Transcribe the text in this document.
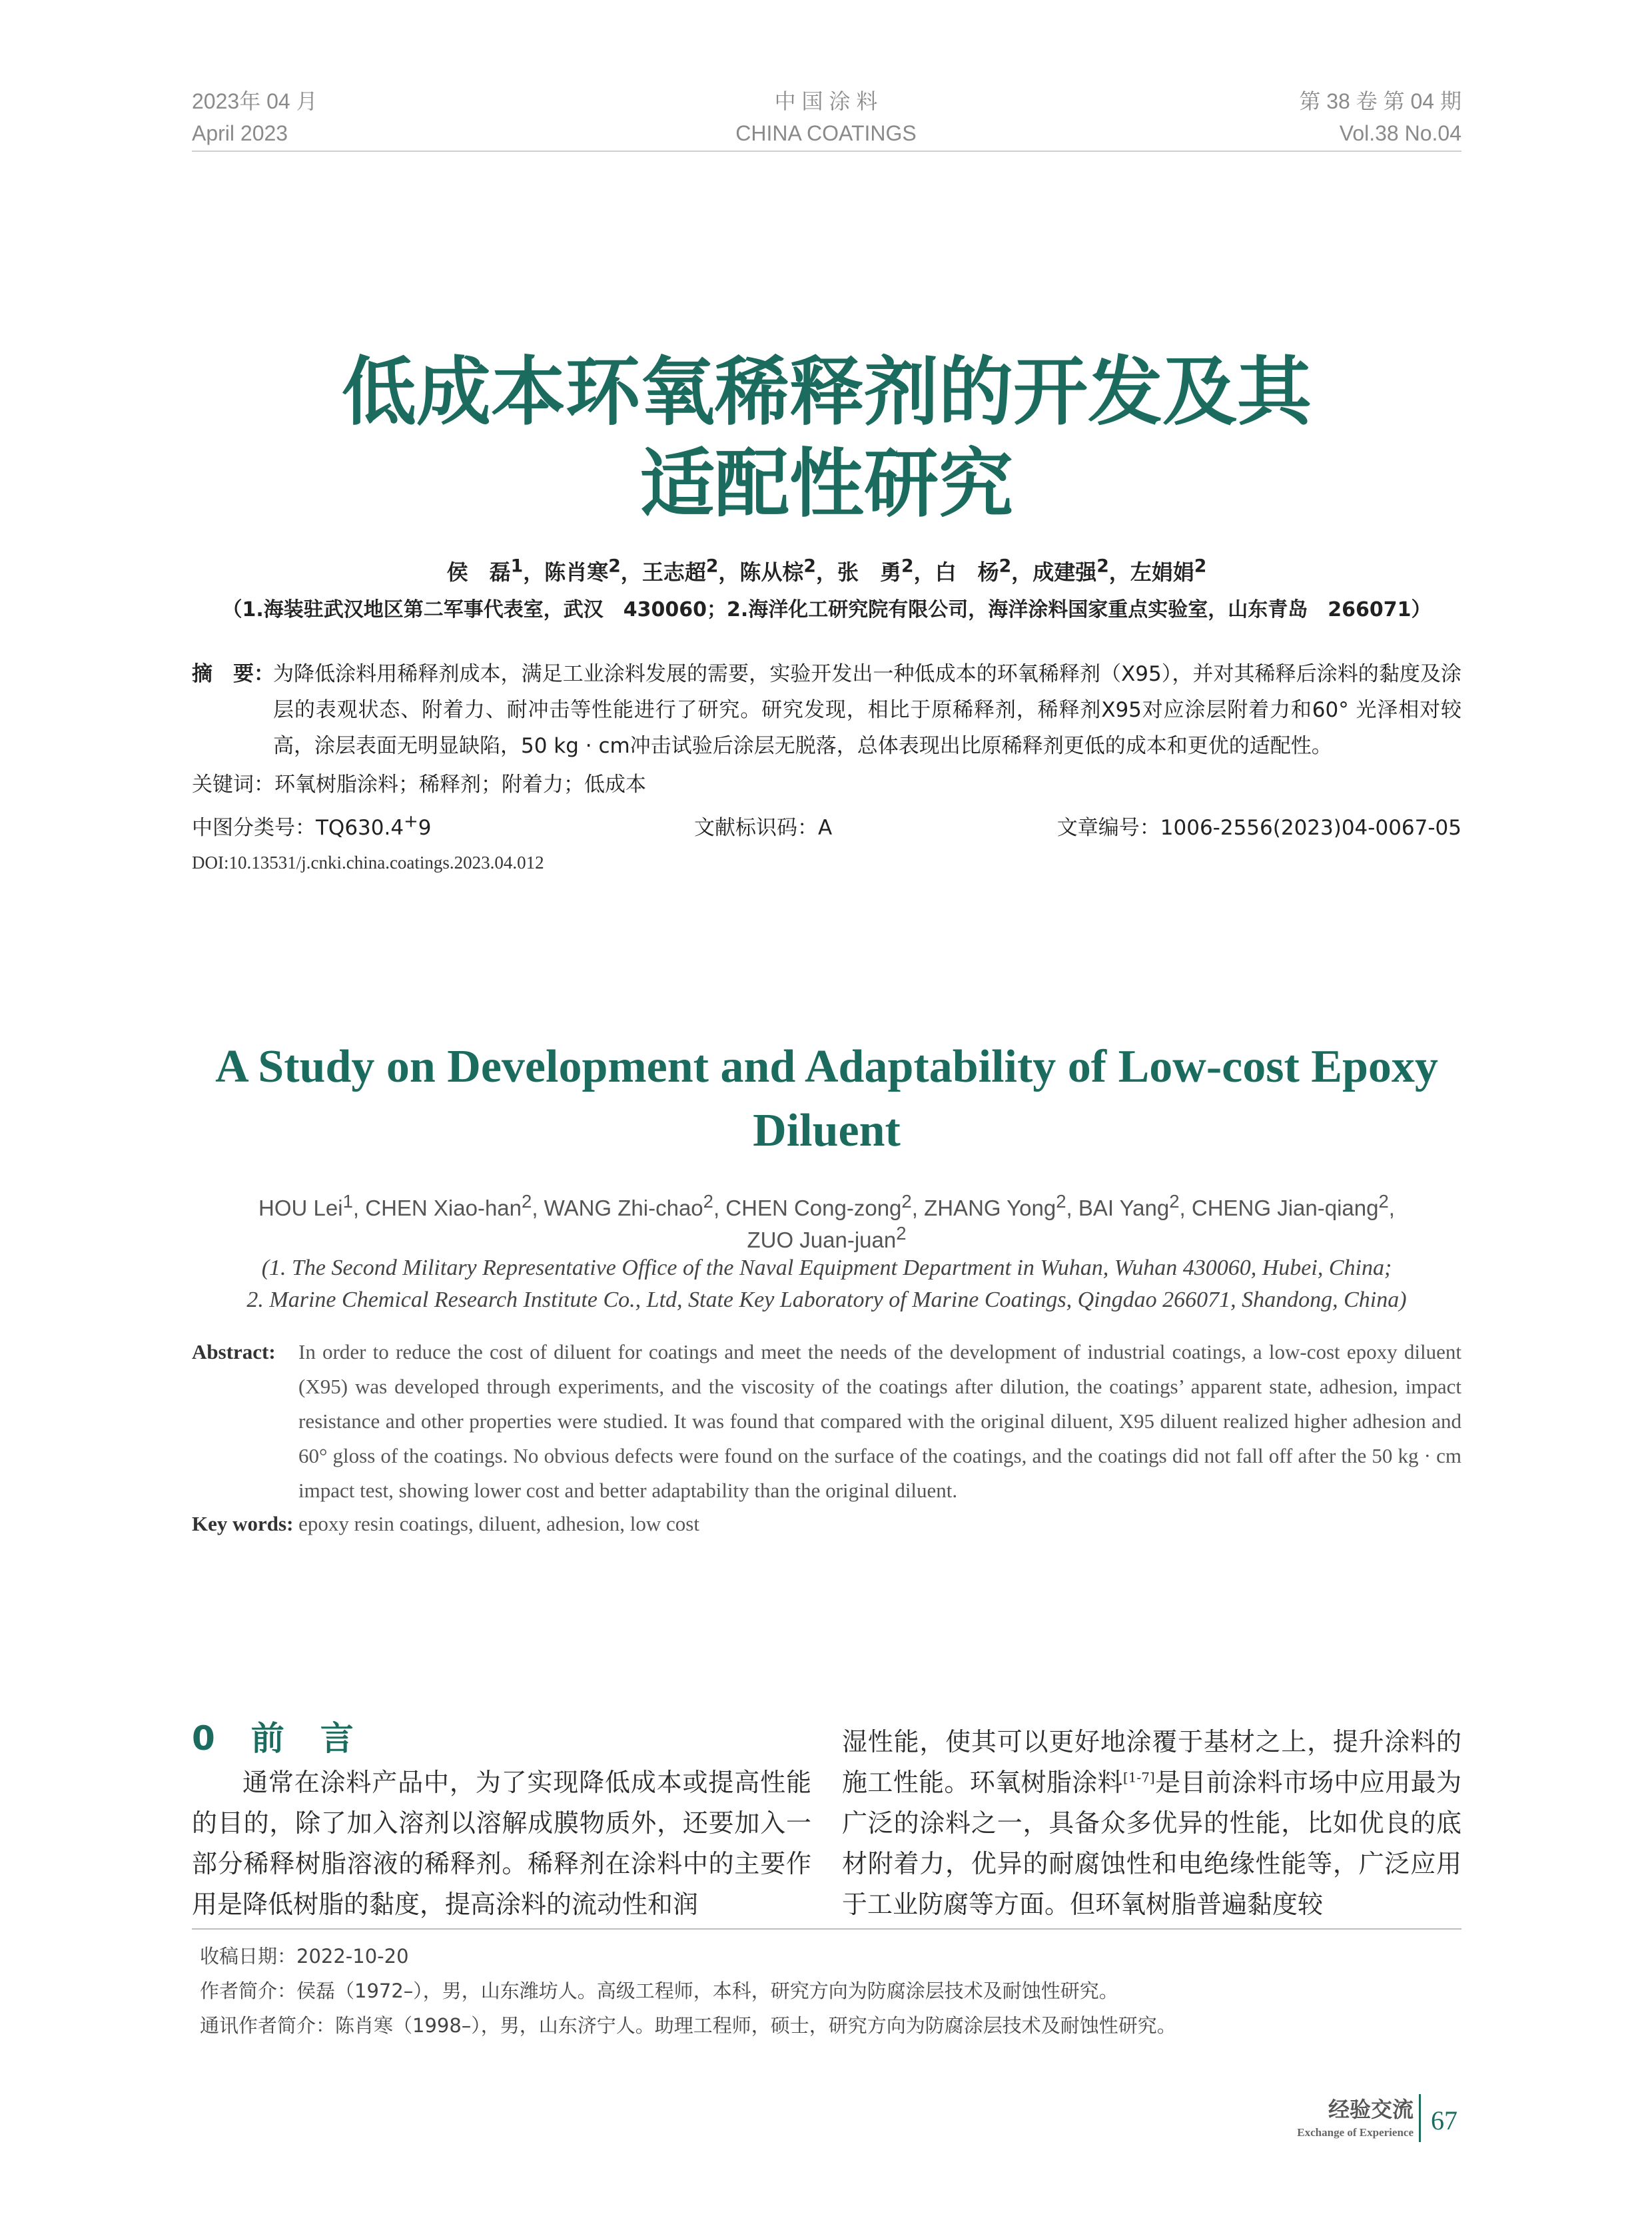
2023年 04 月
April 2023
中 国 涂 料
CHINA COATINGS
第 38 卷 第 04 期
Vol.38 No.04
低成本环氧稀释剂的开发及其
适配性研究
侯　磊$^1$，陈肖寒$^2$，王志超$^2$，陈从棕$^2$，张　勇$^2$，白　杨$^2$，成建强$^2$，左娟娟$^2$
（1.海装驻武汉地区第二军事代表室，武汉　430060；2.海洋化工研究院有限公司，海洋涂料国家重点实验室，山东青岛　266071）
摘　要：
为降低涂料用稀释剂成本，满足工业涂料发展的需要，实验开发出一种低成本的环氧稀释剂（X95），并对其稀释后涂料的黏度及涂层的表观状态、附着力、耐冲击等性能进行了研究。研究发现，相比于原稀释剂，稀释剂X95对应涂层附着力和60° 光泽相对较高，涂层表面无明显缺陷，50 kg · cm冲击试验后涂层无脱落，总体表现出比原稀释剂更低的成本和更优的适配性。
关键词：环氧树脂涂料；稀释剂；附着力；低成本
中图分类号：TQ630.4+9	文献标识码：A	文章编号：1006-2556(2023)04-0067-05
DOI:10.13531/j.cnki.china.coatings.2023.04.012
A Study on Development and Adaptability of Low-cost Epoxy
Diluent
HOU Lei$^1$, CHEN Xiao-han$^2$, WANG Zhi-chao$^2$, CHEN Cong-zong$^2$, ZHANG Yong$^2$, BAI Yang$^2$, CHENG Jian-qiang$^2$,
ZUO Juan-juan$^2$
(1. The Second Military Representative Office of the Naval Equipment Department in Wuhan, Wuhan 430060, Hubei, China;
2. Marine Chemical Research Institute Co., Ltd, State Key Laboratory of Marine Coatings, Qingdao 266071, Shandong, China)
Abstract: In order to reduce the cost of diluent for coatings and meet the needs of the development of industrial coatings, a low-cost epoxy diluent (X95) was developed through experiments, and the viscosity of the coatings after dilution, the coatings’ apparent state, adhesion, impact resistance and other properties were studied. It was found that compared with the original diluent, X95 diluent realized higher adhesion and 60° gloss of the coatings. No obvious defects were found on the surface of the coatings, and the coatings did not fall off after the 50 kg · cm impact test, showing lower cost and better adaptability than the original diluent.
Key words: epoxy resin coatings, diluent, adhesion, low cost
0　前　言
通常在涂料产品中，为了实现降低成本或提高性能的目的，除了加入溶剂以溶解成膜物质外，还要加入一部分稀释树脂溶液的稀释剂。稀释剂在涂料中的主要作用是降低树脂的黏度，提高涂料的流动性和润
湿性能，使其可以更好地涂覆于基材之上，提升涂料的施工性能。环氧树脂涂料[1-7]是目前涂料市场中应用最为广泛的涂料之一，具备众多优异的性能，比如优良的底材附着力，优异的耐腐蚀性和电绝缘性能等，广泛应用于工业防腐等方面。但环氧树脂普遍黏度较
收稿日期：2022-10-20
作者简介：侯磊（1972–），男，山东潍坊人。高级工程师，本科，研究方向为防腐涂层技术及耐蚀性研究。
通讯作者简介：陈肖寒（1998–），男，山东济宁人。助理工程师，硕士，研究方向为防腐涂层技术及耐蚀性研究。
经验交流
Exchange of Experience 67
